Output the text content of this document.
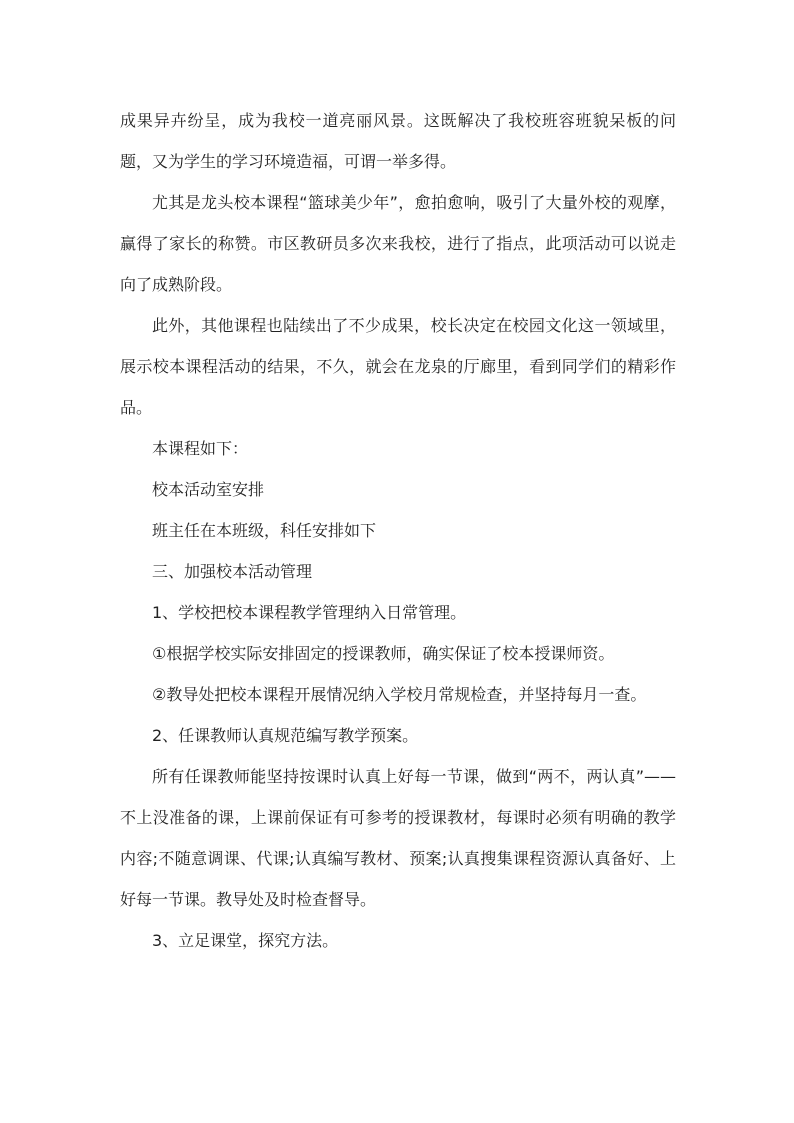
成果异卉纷呈，成为我校一道亮丽风景。这既解决了我校班容班貌呆板的问题，又为学生的学习环境造福，可谓一举多得。

尤其是龙头校本课程“篮球美少年”，愈拍愈响，吸引了大量外校的观摩，赢得了家长的称赞。市区教研员多次来我校，进行了指点，此项活动可以说走向了成熟阶段。

此外，其他课程也陆续出了不少成果，校长决定在校园文化这一领域里，展示校本课程活动的结果，不久，就会在龙泉的厅廊里，看到同学们的精彩作品。

本课程如下：

校本活动室安排

班主任在本班级，科任安排如下

三、加强校本活动管理

1、学校把校本课程教学管理纳入日常管理。

①根据学校实际安排固定的授课教师，确实保证了校本授课师资。

②教导处把校本课程开展情况纳入学校月常规检查，并坚持每月一查。

2、任课教师认真规范编写教学预案。

所有任课教师能坚持按课时认真上好每一节课，做到“两不，两认真”——不上没准备的课，上课前保证有可参考的授课教材，每课时必须有明确的教学内容;不随意调课、代课;认真编写教材、预案;认真搜集课程资源认真备好、上好每一节课。教导处及时检查督导。

3、立足课堂，探究方法。
